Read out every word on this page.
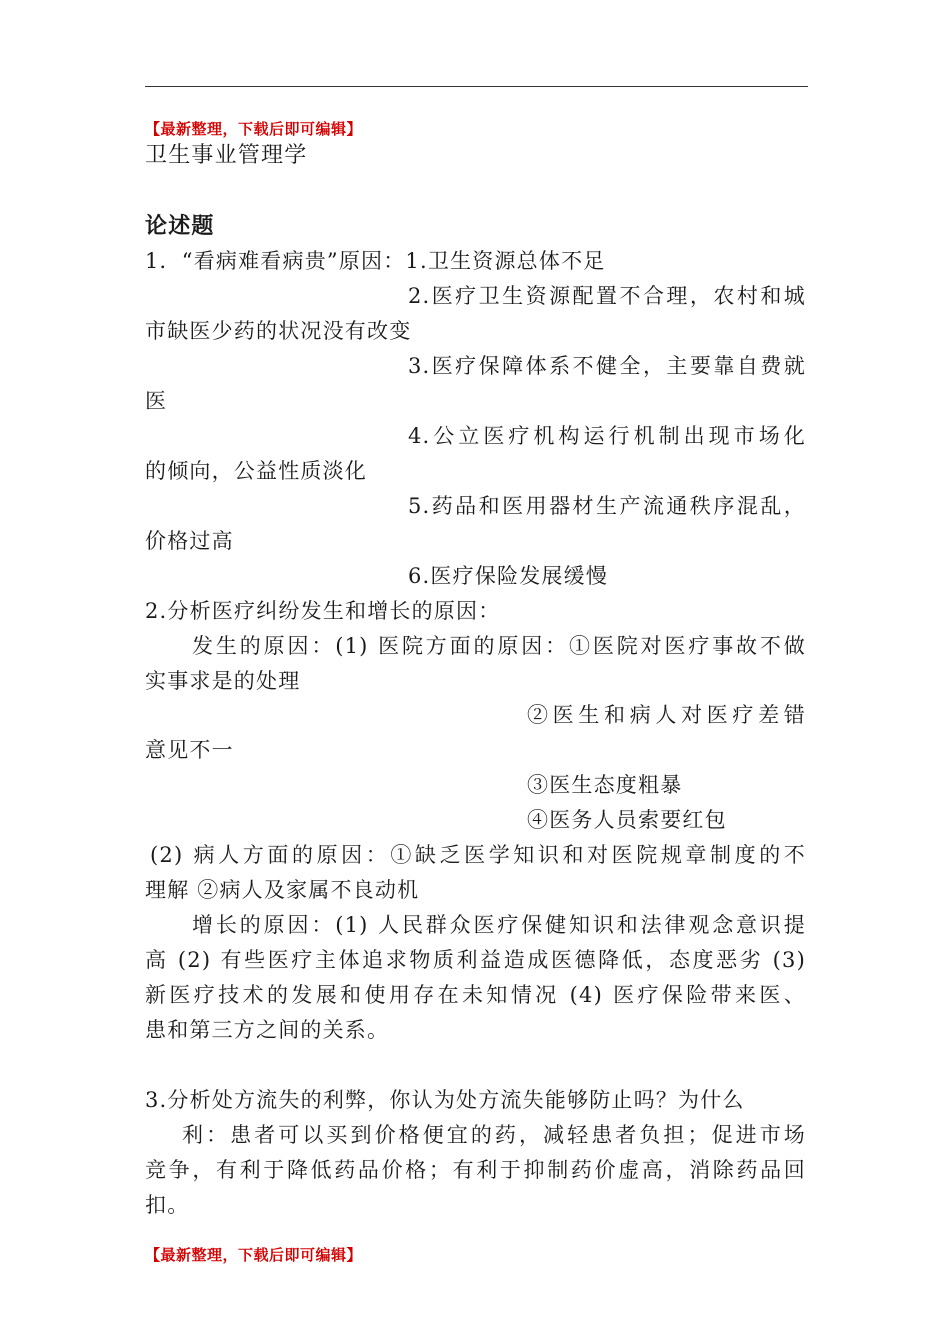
【最新整理，下载后即可编辑】
卫生事业管理学
论述题
1．“看病难看病贵”原因：1.卫生资源总体不足
2.医疗卫生资源配置不合理，农村和城
市缺医少药的状况没有改变
3.医疗保障体系不健全，主要靠自费就
医
4.公立医疗机构运行机制出现市场化
的倾向，公益性质淡化
5.药品和医用器材生产流通秩序混乱，
价格过高
6.医疗保险发展缓慢
2.分析医疗纠纷发生和增长的原因：
发生的原因：(1) 医院方面的原因：①医院对医疗事故不做
实事求是的处理
②医生和病人对医疗差错
意见不一
③医生态度粗暴
④医务人员索要红包
(2) 病人方面的原因：①缺乏医学知识和对医院规章制度的不
理解 ②病人及家属不良动机
增长的原因：(1) 人民群众医疗保健知识和法律观念意识提
高 (2) 有些医疗主体追求物质利益造成医德降低，态度恶劣 (3)
新医疗技术的发展和使用存在未知情况 (4) 医疗保险带来医、
患和第三方之间的关系。
3.分析处方流失的利弊，你认为处方流失能够防止吗？为什么
利：患者可以买到价格便宜的药，减轻患者负担；促进市场
竞争，有利于降低药品价格；有利于抑制药价虚高，消除药品回
扣。
【最新整理，下载后即可编辑】
